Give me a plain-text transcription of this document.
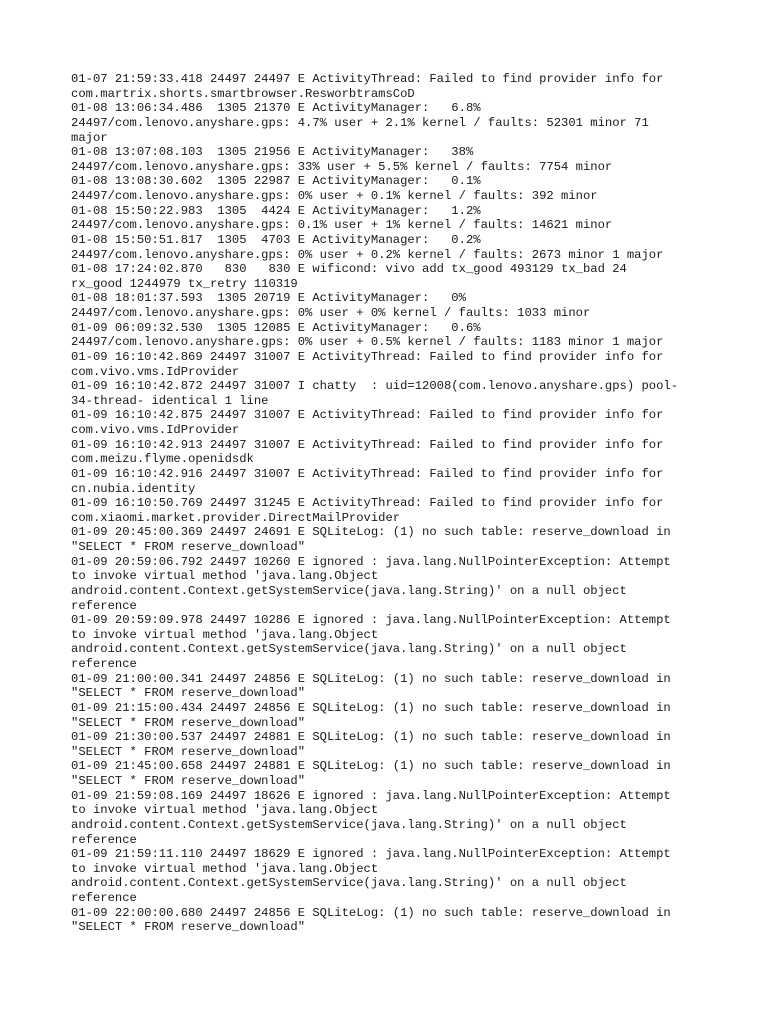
01-07 21:59:33.418 24497 24497 E ActivityThread: Failed to find provider info for
com.martrix.shorts.smartbrowser.ResworbtramsCoD
01-08 13:06:34.486  1305 21370 E ActivityManager:   6.8%
24497/com.lenovo.anyshare.gps: 4.7% user + 2.1% kernel / faults: 52301 minor 71
major
01-08 13:07:08.103  1305 21956 E ActivityManager:   38%
24497/com.lenovo.anyshare.gps: 33% user + 5.5% kernel / faults: 7754 minor
01-08 13:08:30.602  1305 22987 E ActivityManager:   0.1%
24497/com.lenovo.anyshare.gps: 0% user + 0.1% kernel / faults: 392 minor
01-08 15:50:22.983  1305  4424 E ActivityManager:   1.2%
24497/com.lenovo.anyshare.gps: 0.1% user + 1% kernel / faults: 14621 minor
01-08 15:50:51.817  1305  4703 E ActivityManager:   0.2%
24497/com.lenovo.anyshare.gps: 0% user + 0.2% kernel / faults: 2673 minor 1 major
01-08 17:24:02.870   830   830 E wificond: vivo add tx_good 493129 tx_bad 24
rx_good 1244979 tx_retry 110319
01-08 18:01:37.593  1305 20719 E ActivityManager:   0%
24497/com.lenovo.anyshare.gps: 0% user + 0% kernel / faults: 1033 minor
01-09 06:09:32.530  1305 12085 E ActivityManager:   0.6%
24497/com.lenovo.anyshare.gps: 0% user + 0.5% kernel / faults: 1183 minor 1 major
01-09 16:10:42.869 24497 31007 E ActivityThread: Failed to find provider info for
com.vivo.vms.IdProvider
01-09 16:10:42.872 24497 31007 I chatty  : uid=12008(com.lenovo.anyshare.gps) pool-
34-thread- identical 1 line
01-09 16:10:42.875 24497 31007 E ActivityThread: Failed to find provider info for
com.vivo.vms.IdProvider
01-09 16:10:42.913 24497 31007 E ActivityThread: Failed to find provider info for
com.meizu.flyme.openidsdk
01-09 16:10:42.916 24497 31007 E ActivityThread: Failed to find provider info for
cn.nubia.identity
01-09 16:10:50.769 24497 31245 E ActivityThread: Failed to find provider info for
com.xiaomi.market.provider.DirectMailProvider
01-09 20:45:00.369 24497 24691 E SQLiteLog: (1) no such table: reserve_download in
"SELECT * FROM reserve_download"
01-09 20:59:06.792 24497 10260 E ignored : java.lang.NullPointerException: Attempt
to invoke virtual method 'java.lang.Object
android.content.Context.getSystemService(java.lang.String)' on a null object
reference
01-09 20:59:09.978 24497 10286 E ignored : java.lang.NullPointerException: Attempt
to invoke virtual method 'java.lang.Object
android.content.Context.getSystemService(java.lang.String)' on a null object
reference
01-09 21:00:00.341 24497 24856 E SQLiteLog: (1) no such table: reserve_download in
"SELECT * FROM reserve_download"
01-09 21:15:00.434 24497 24856 E SQLiteLog: (1) no such table: reserve_download in
"SELECT * FROM reserve_download"
01-09 21:30:00.537 24497 24881 E SQLiteLog: (1) no such table: reserve_download in
"SELECT * FROM reserve_download"
01-09 21:45:00.658 24497 24881 E SQLiteLog: (1) no such table: reserve_download in
"SELECT * FROM reserve_download"
01-09 21:59:08.169 24497 18626 E ignored : java.lang.NullPointerException: Attempt
to invoke virtual method 'java.lang.Object
android.content.Context.getSystemService(java.lang.String)' on a null object
reference
01-09 21:59:11.110 24497 18629 E ignored : java.lang.NullPointerException: Attempt
to invoke virtual method 'java.lang.Object
android.content.Context.getSystemService(java.lang.String)' on a null object
reference
01-09 22:00:00.680 24497 24856 E SQLiteLog: (1) no such table: reserve_download in
"SELECT * FROM reserve_download"
